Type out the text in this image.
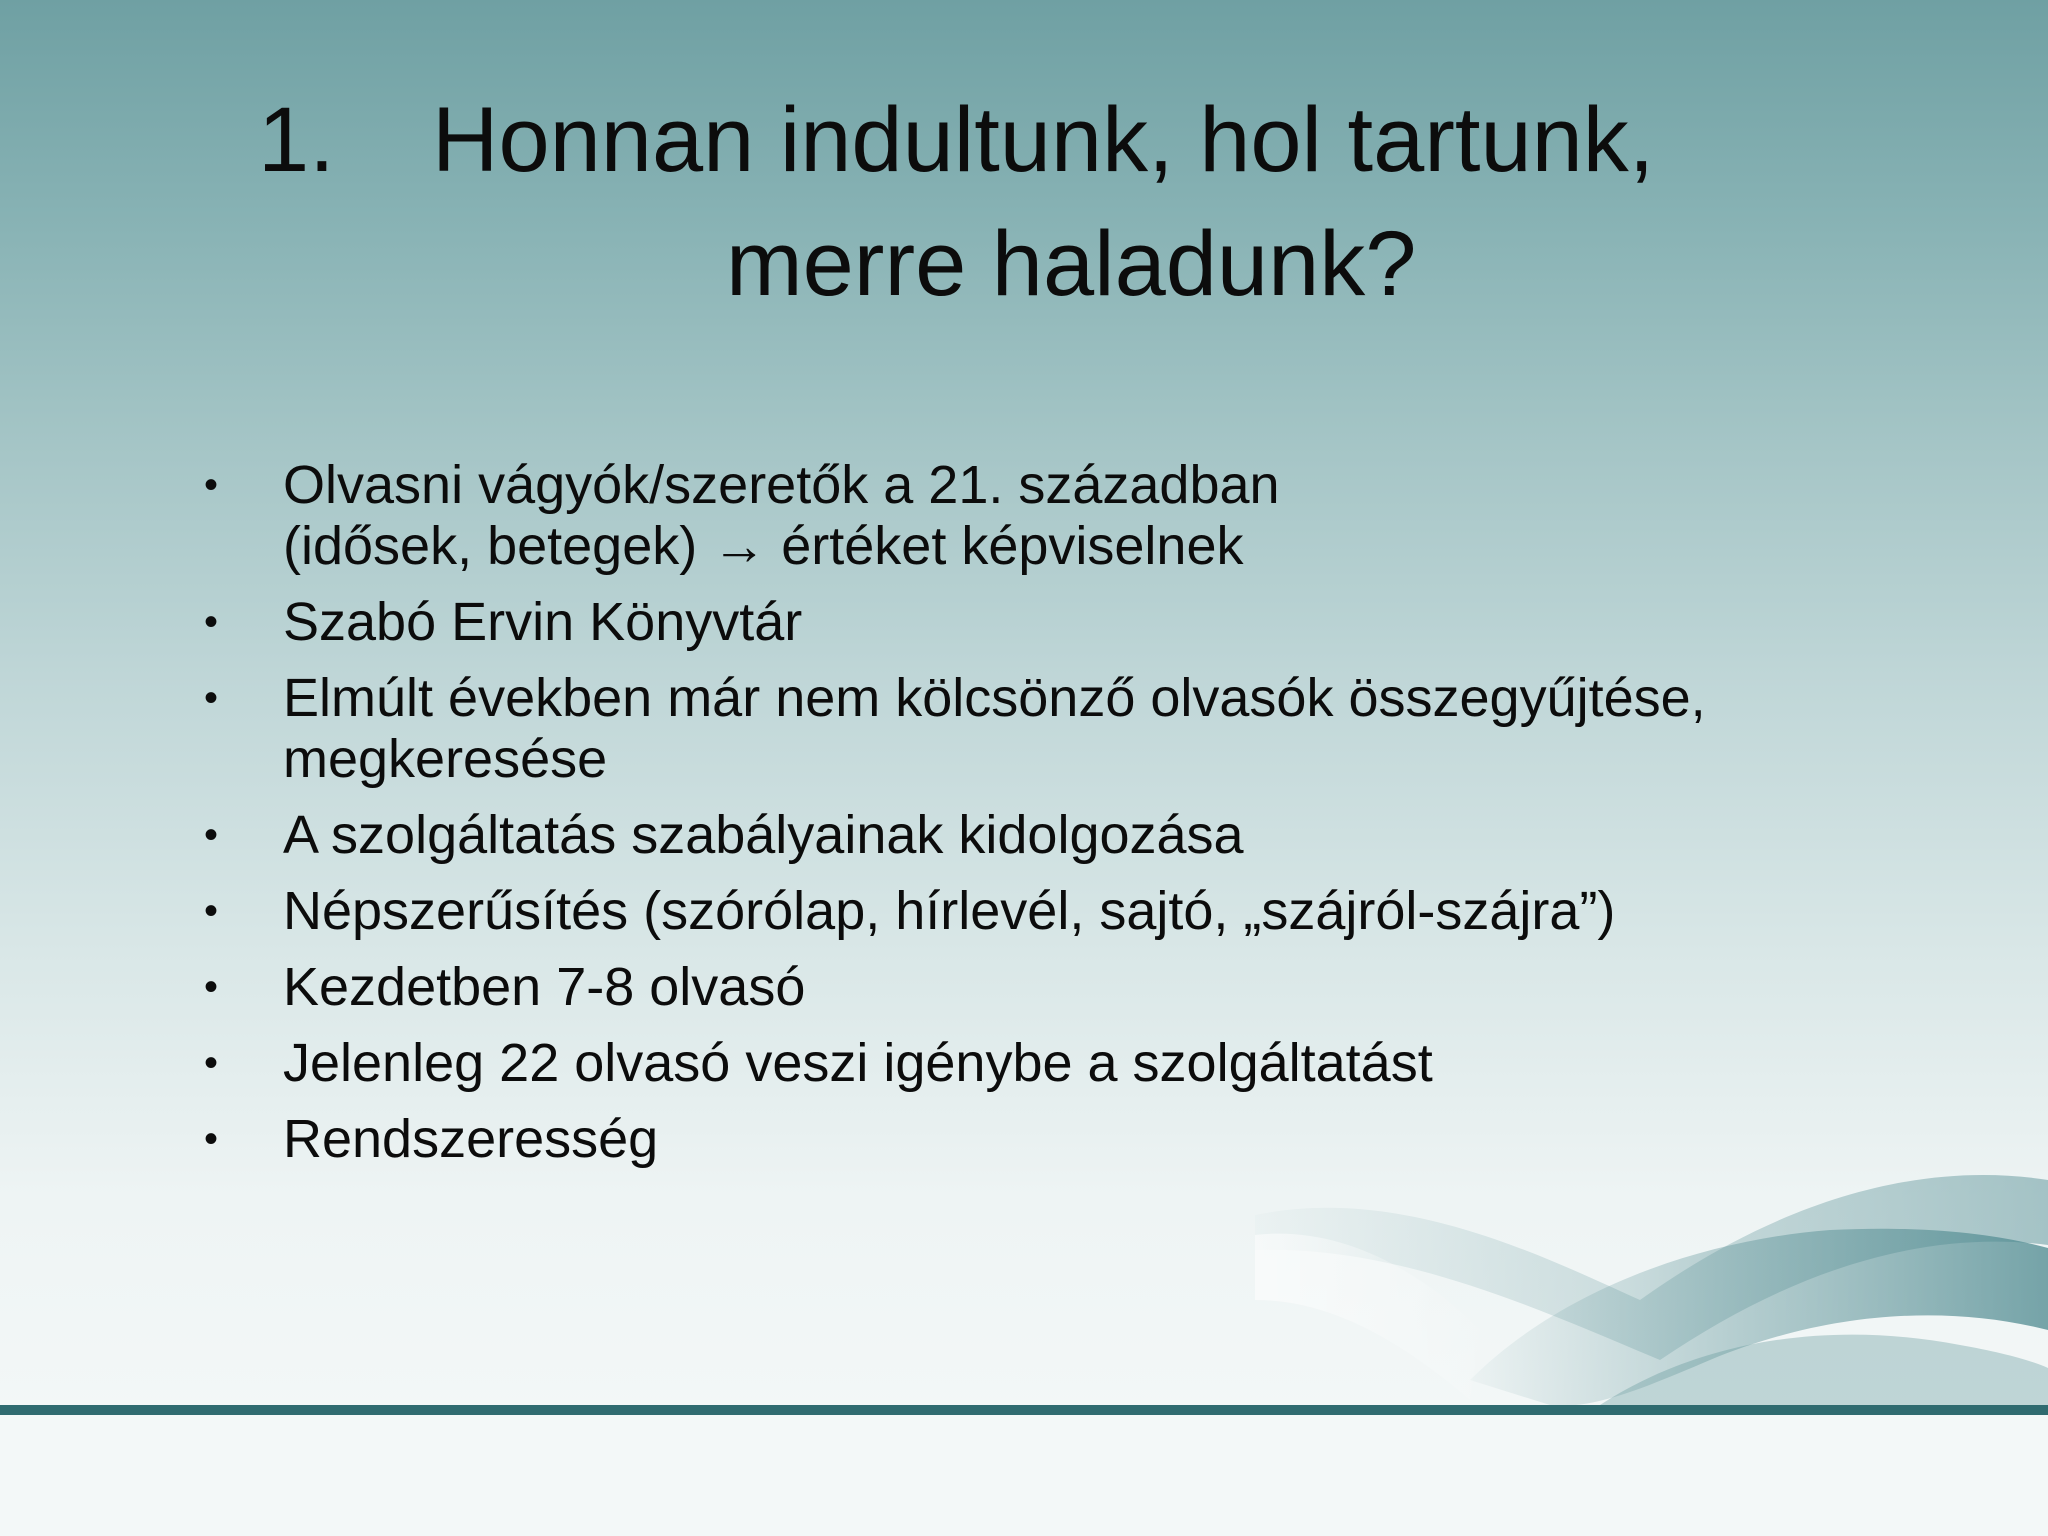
1. Honnan indultunk, hol tartunk,
merre haladunk?
• Olvasni vágyók/szeretők a 21. században
(idősek, betegek) → értéket képviselnek
• Szabó Ervin Könyvtár
• Elmúlt években már nem kölcsönző olvasók összegyűjtése,
megkeresése
• A szolgáltatás szabályainak kidolgozása
• Népszerűsítés (szórólap, hírlevél, sajtó, „szájról-szájra”)
• Kezdetben 7-8 olvasó
• Jelenleg 22 olvasó veszi igénybe a szolgáltatást
• Rendszeresség
